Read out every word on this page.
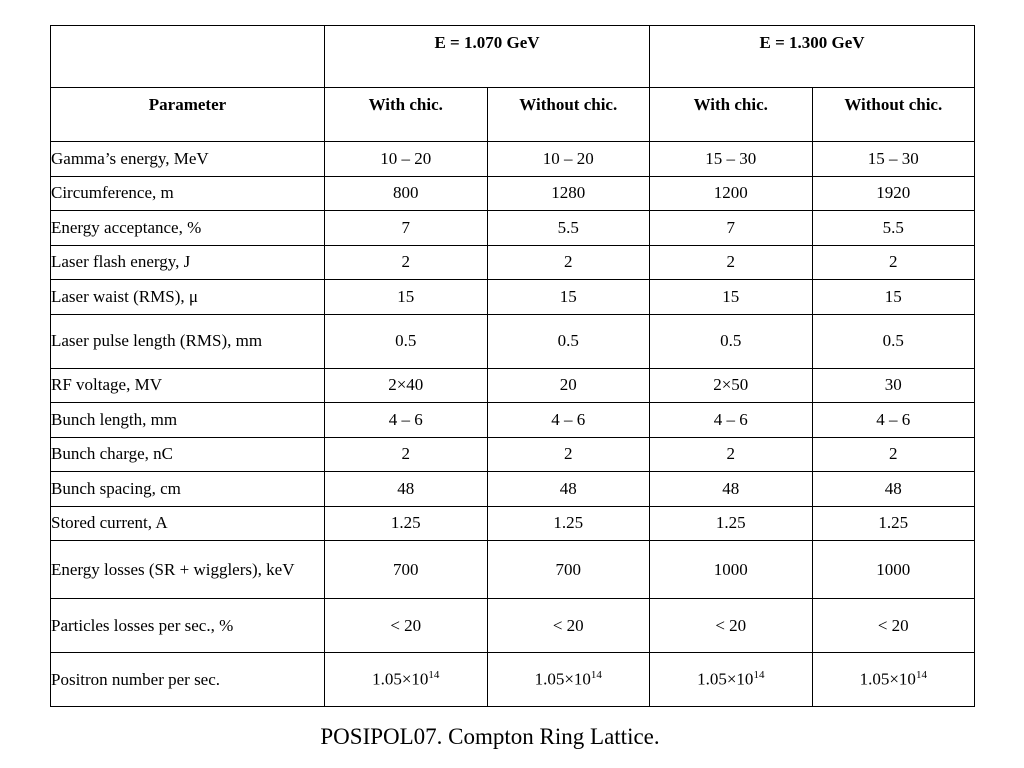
	E = 1.070 GeV		E = 1.300 GeV	
Parameter	With chic.	Without chic.	With chic.	Without chic.

Gamma’s energy, MeV	10 – 20	10 – 20	15 – 30	15 – 30

Circumference, m	800	1280	1200	1920

Energy acceptance, %	7	5.5	7	5.5

Laser flash energy, J	2	2	2	2

Laser waist (RMS), μ	15	15	15	15

Laser pulse length (RMS), mm	0.5	0.5	0.5	0.5

RF voltage, MV	2×40	20	2×50	30

Bunch length, mm	4 – 6	4 – 6	4 – 6	4 – 6

Bunch charge, nC	2	2	2	2

Bunch spacing, cm	48	48	48	48

Stored current, A	1.25	1.25	1.25	1.25

Energy losses (SR + wigglers), keV	700	700	1000	1000

Particles losses per sec., %	< 20	< 20	< 20	< 20

Positron number per sec.	$1.05\times 10^{14}$	$1.05\times 10^{14}$	$1.05\times 10^{14}$	$1.05\times 10^{14}$
POSIPOL07. Compton Ring Lattice.
